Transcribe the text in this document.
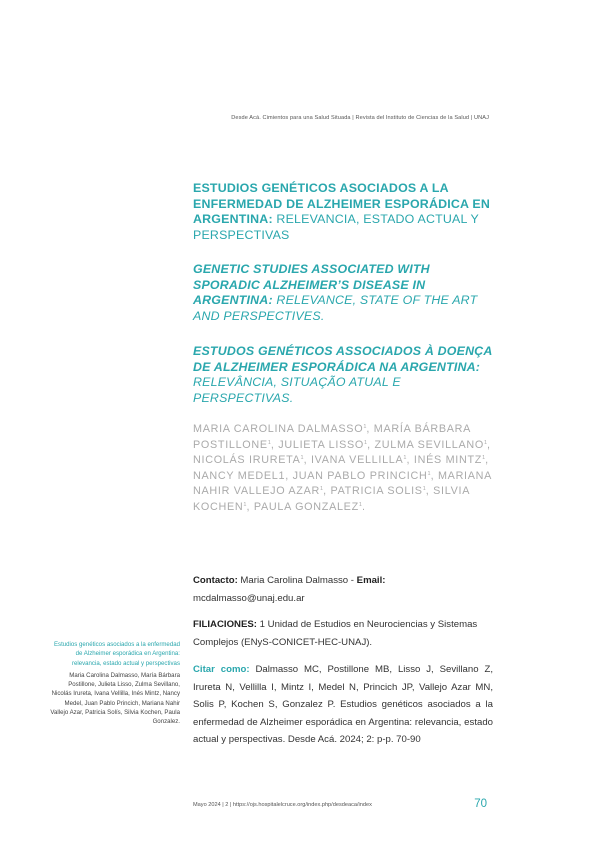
Desde Acá. Cimientos para una Salud Situada | Revista del Instituto de Ciencias de la Salud | UNAJ

ESTUDIOS GENÉTICOS ASOCIADOS A LA ENFERMEDAD DE ALZHEIMER ESPORÁDICA EN ARGENTINA: RELEVANCIA, ESTADO ACTUAL Y PERSPECTIVAS

GENETIC STUDIES ASSOCIATED WITH SPORADIC ALZHEIMER’S DISEASE IN ARGENTINA: RELEVANCE, STATE OF THE ART AND PERSPECTIVES.

ESTUDOS GENÉTICOS ASSOCIADOS À DOENÇA DE ALZHEIMER ESPORÁDICA NA ARGENTINA: RELEVÂNCIA, SITUAÇÃO ATUAL E PERSPECTIVAS.

MARIA CAROLINA DALMASSO$^1$, MARÍA BÁRBARA POSTILLONE$^1$, JULIETA LISSO$^1$, ZULMA SEVILLANO$^1$, NICOLÁS IRURETA$^1$, IVANA VELLILLA$^1$, INÉS MINTZ$^1$, NANCY MEDEL1, JUAN PABLO PRINCICH$^1$, MARIANA NAHIR VALLEJO AZAR$^1$, PATRICIA SOLIS$^1$, SILVIA KOCHEN$^1$, PAULA GONZALEZ$^1$.
Contacto: Maria Carolina Dalmasso - Email: mcdalmasso@unaj.edu.ar
FILIACIONES: 1 Unidad de Estudios en Neurociencias y Sistemas Complejos (ENyS-CONICET-HEC-UNAJ).
Citar como: Dalmasso MC, Postillone MB, Lisso J, Sevillano Z, Irureta N, Vellilla I, Mintz I, Medel N, Princich JP, Vallejo Azar MN, Solis P, Kochen S, Gonzalez P. Estudios genéticos asociados a la enfermedad de Alzheimer esporádica en Argentina: relevancia, estado actual y perspectivas. Desde Acá. 2024; 2: p-p. 70-90
Estudios genéticos asociados a la enfermedad de Alzheimer esporádica en Argentina: relevancia, estado actual y perspectivas
Maria Carolina Dalmasso, María Bárbara Postillone, Julieta Lisso, Zulma Sevillano, Nicolás Irureta, Ivana Vellilla, Inés Mintz, Nancy Medel, Juan Pablo Princich, Mariana Nahir Vallejo Azar, Patricia Solís, Silvia Kochen, Paula Gonzalez.
Mayo 2024 | 2 | https://ojs.hospitalelcruce.org/index.php/desdeaca/index	70
